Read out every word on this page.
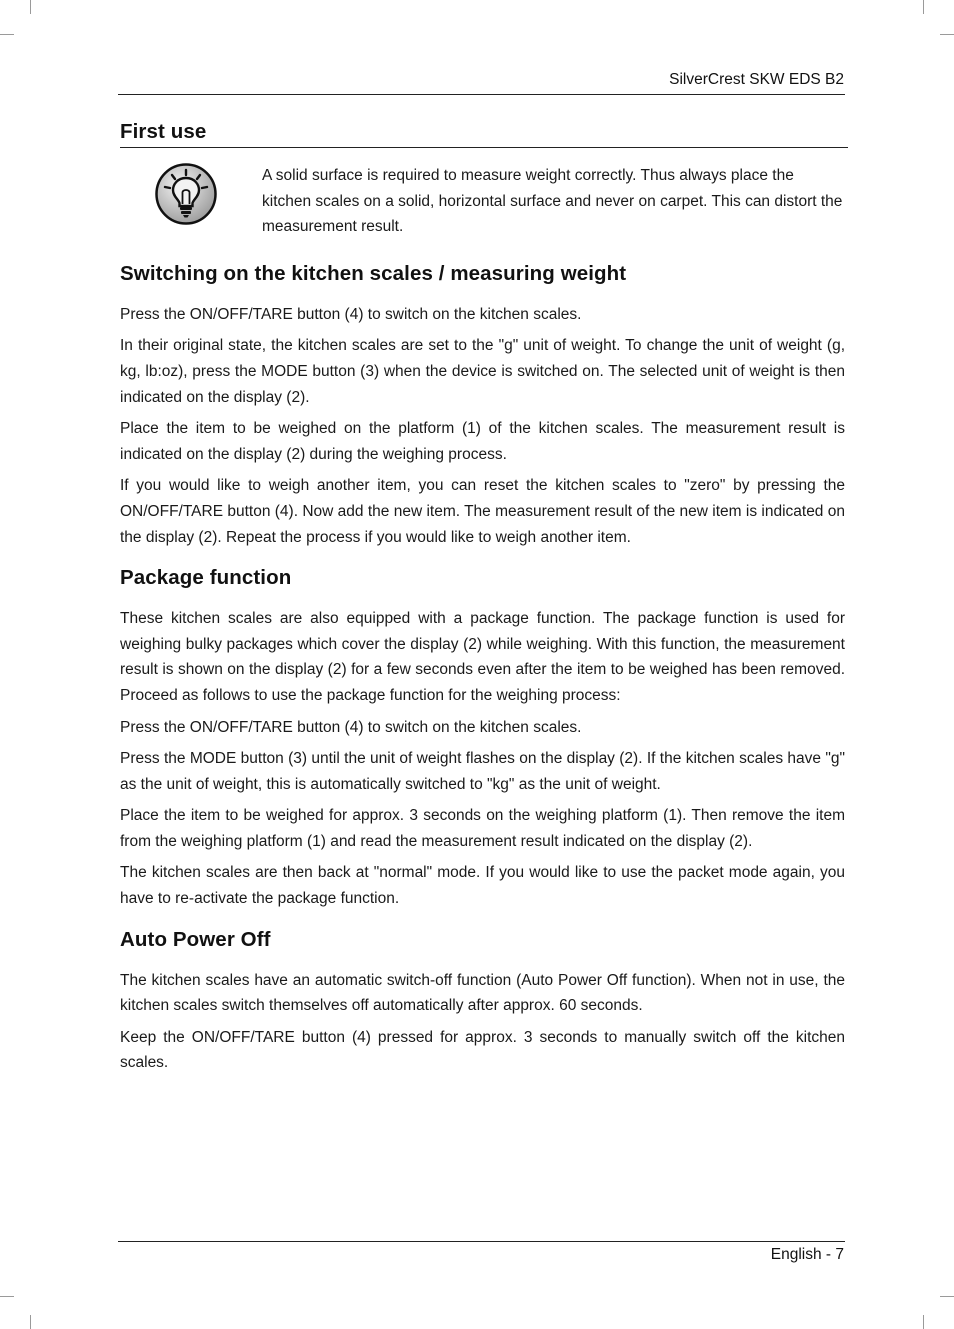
SilverCrest SKW EDS B2
First use
A solid surface is required to measure weight correctly. Thus always place the kitchen scales on a solid, horizontal surface and never on carpet. This can distort the measurement result.
Switching on the kitchen scales / measuring weight

Press the ON/OFF/TARE button (4) to switch on the kitchen scales.

In their original state, the kitchen scales are set to the "g" unit of weight. To change the unit of weight (g, kg, lb:oz), press the MODE button (3) when the device is switched on. The selected unit of weight is then indicated on the display (2).

Place the item to be weighed on the platform (1) of the kitchen scales. The measurement result is indicated on the display (2) during the weighing process.

If you would like to weigh another item, you can reset the kitchen scales to "zero" by pressing the ON/OFF/TARE button (4). Now add the new item. The measurement result of the new item is indicated on the display (2). Repeat the process if you would like to weigh another item.

Package function

These kitchen scales are also equipped with a package function. The package function is used for weighing bulky packages which cover the display (2) while weighing. With this function, the measurement result is shown on the display (2) for a few seconds even after the item to be weighed has been removed. Proceed as follows to use the package function for the weighing process:

Press the ON/OFF/TARE button (4) to switch on the kitchen scales.

Press the MODE button (3) until the unit of weight flashes on the display (2). If the kitchen scales have "g" as the unit of weight, this is automatically switched to "kg" as the unit of weight.

Place the item to be weighed for approx. 3 seconds on the weighing platform (1). Then remove the item from the weighing platform (1) and read the measurement result indicated on the display (2).

The kitchen scales are then back at "normal" mode. If you would like to use the packet mode again, you have to re-activate the package function.

Auto Power Off

The kitchen scales have an automatic switch-off function (Auto Power Off function). When not in use, the kitchen scales switch themselves off automatically after approx. 60 seconds.

Keep the ON/OFF/TARE button (4) pressed for approx. 3 seconds to manually switch off the kitchen scales.

English - 7
